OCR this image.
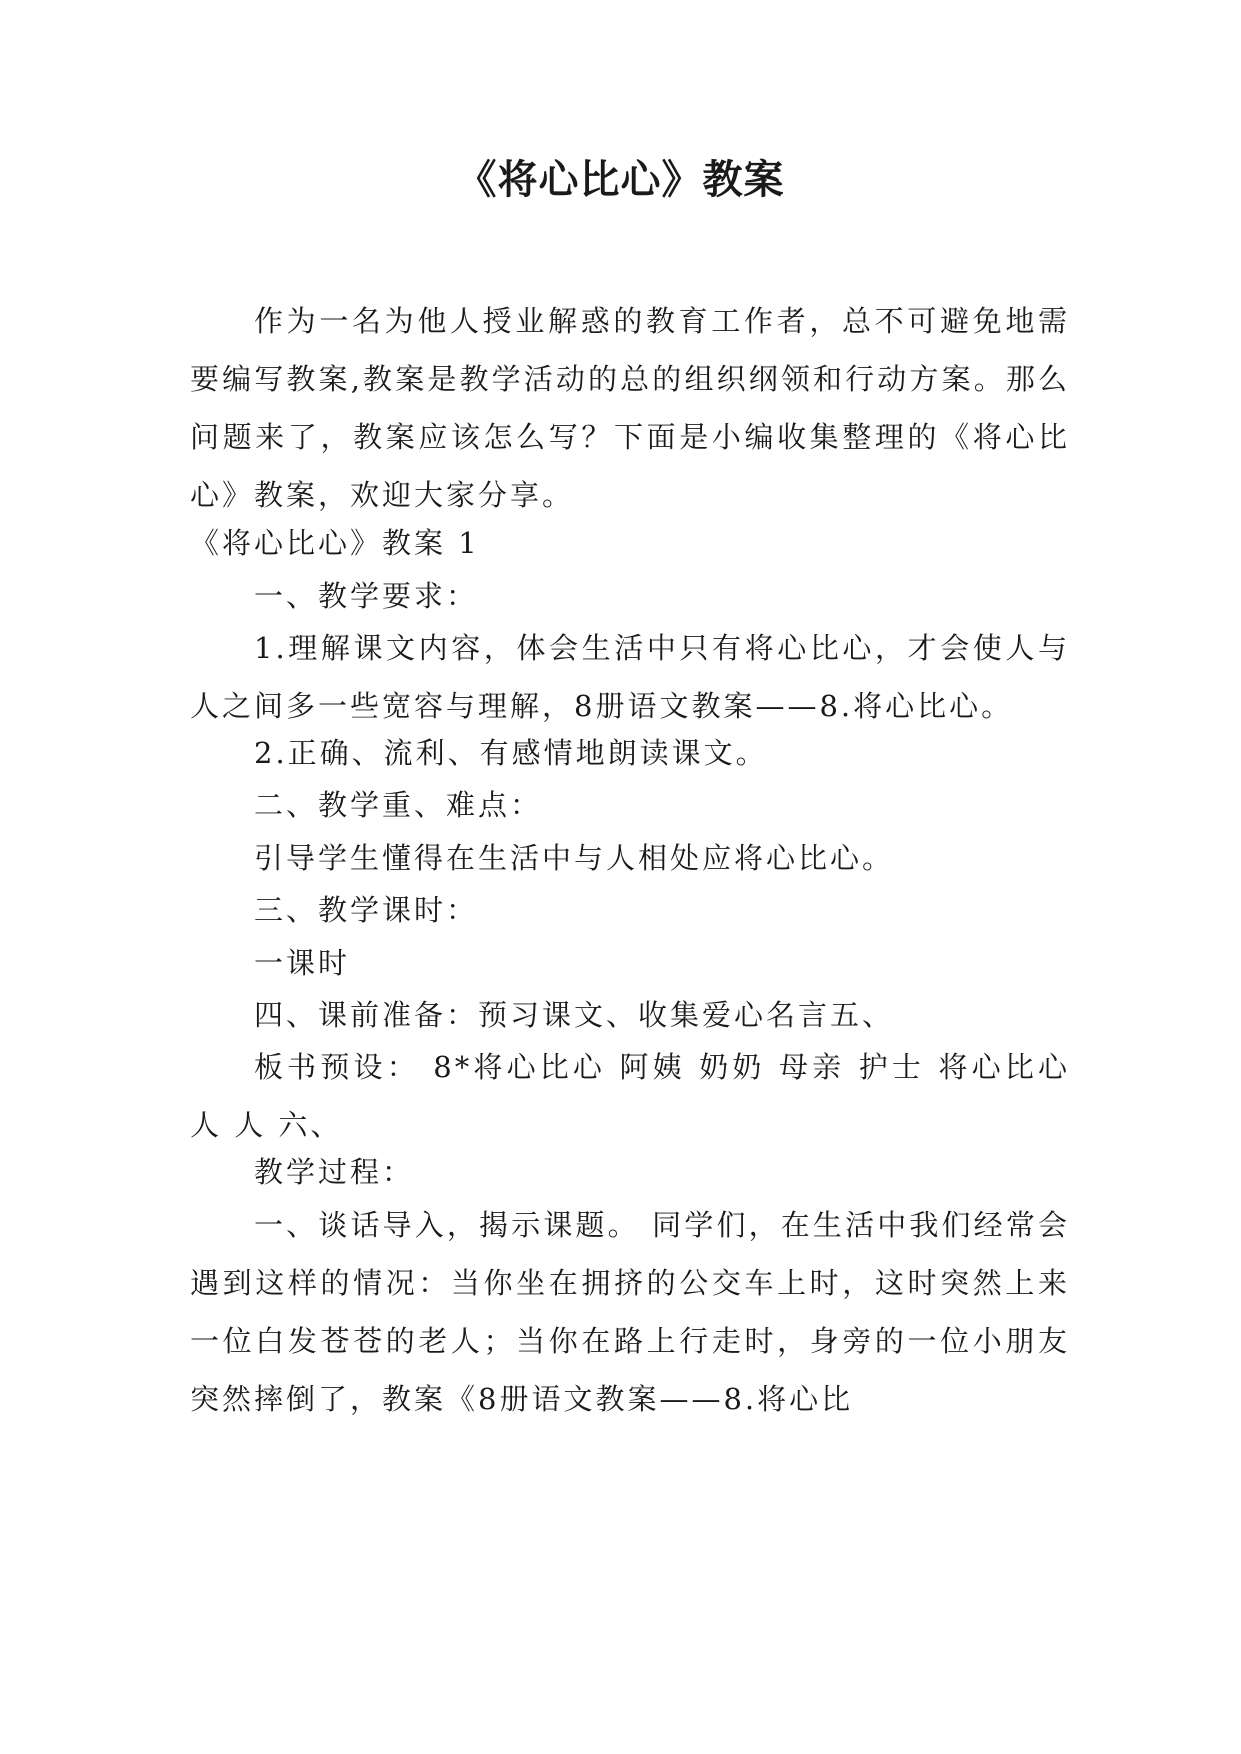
《将心比心》教案
作为一名为他人授业解惑的教育工作者，总不可避免地需要编写教案,教案是教学活动的总的组织纲领和行动方案。那么问题来了，教案应该怎么写？下面是小编收集整理的《将心比心》教案，欢迎大家分享。
《将心比心》教案 1
一、教学要求：
1.理解课文内容，体会生活中只有将心比心，才会使人与人之间多一些宽容与理解，8册语文教案——8.将心比心。
2.正确、流利、有感情地朗读课文。
二、教学重、难点：
引导学生懂得在生活中与人相处应将心比心。
三、教学课时：
一课时
四、课前准备：预习课文、收集爱心名言五、
板书预设： 8*将心比心 阿姨 奶奶 母亲 护士 将心比心 人 人 六、
教学过程：
一、谈话导入，揭示课题。 同学们，在生活中我们经常会遇到这样的情况：当你坐在拥挤的公交车上时，这时突然上来一位白发苍苍的老人；当你在路上行走时，身旁的一位小朋友突然摔倒了，教案《8册语文教案——8.将心比
